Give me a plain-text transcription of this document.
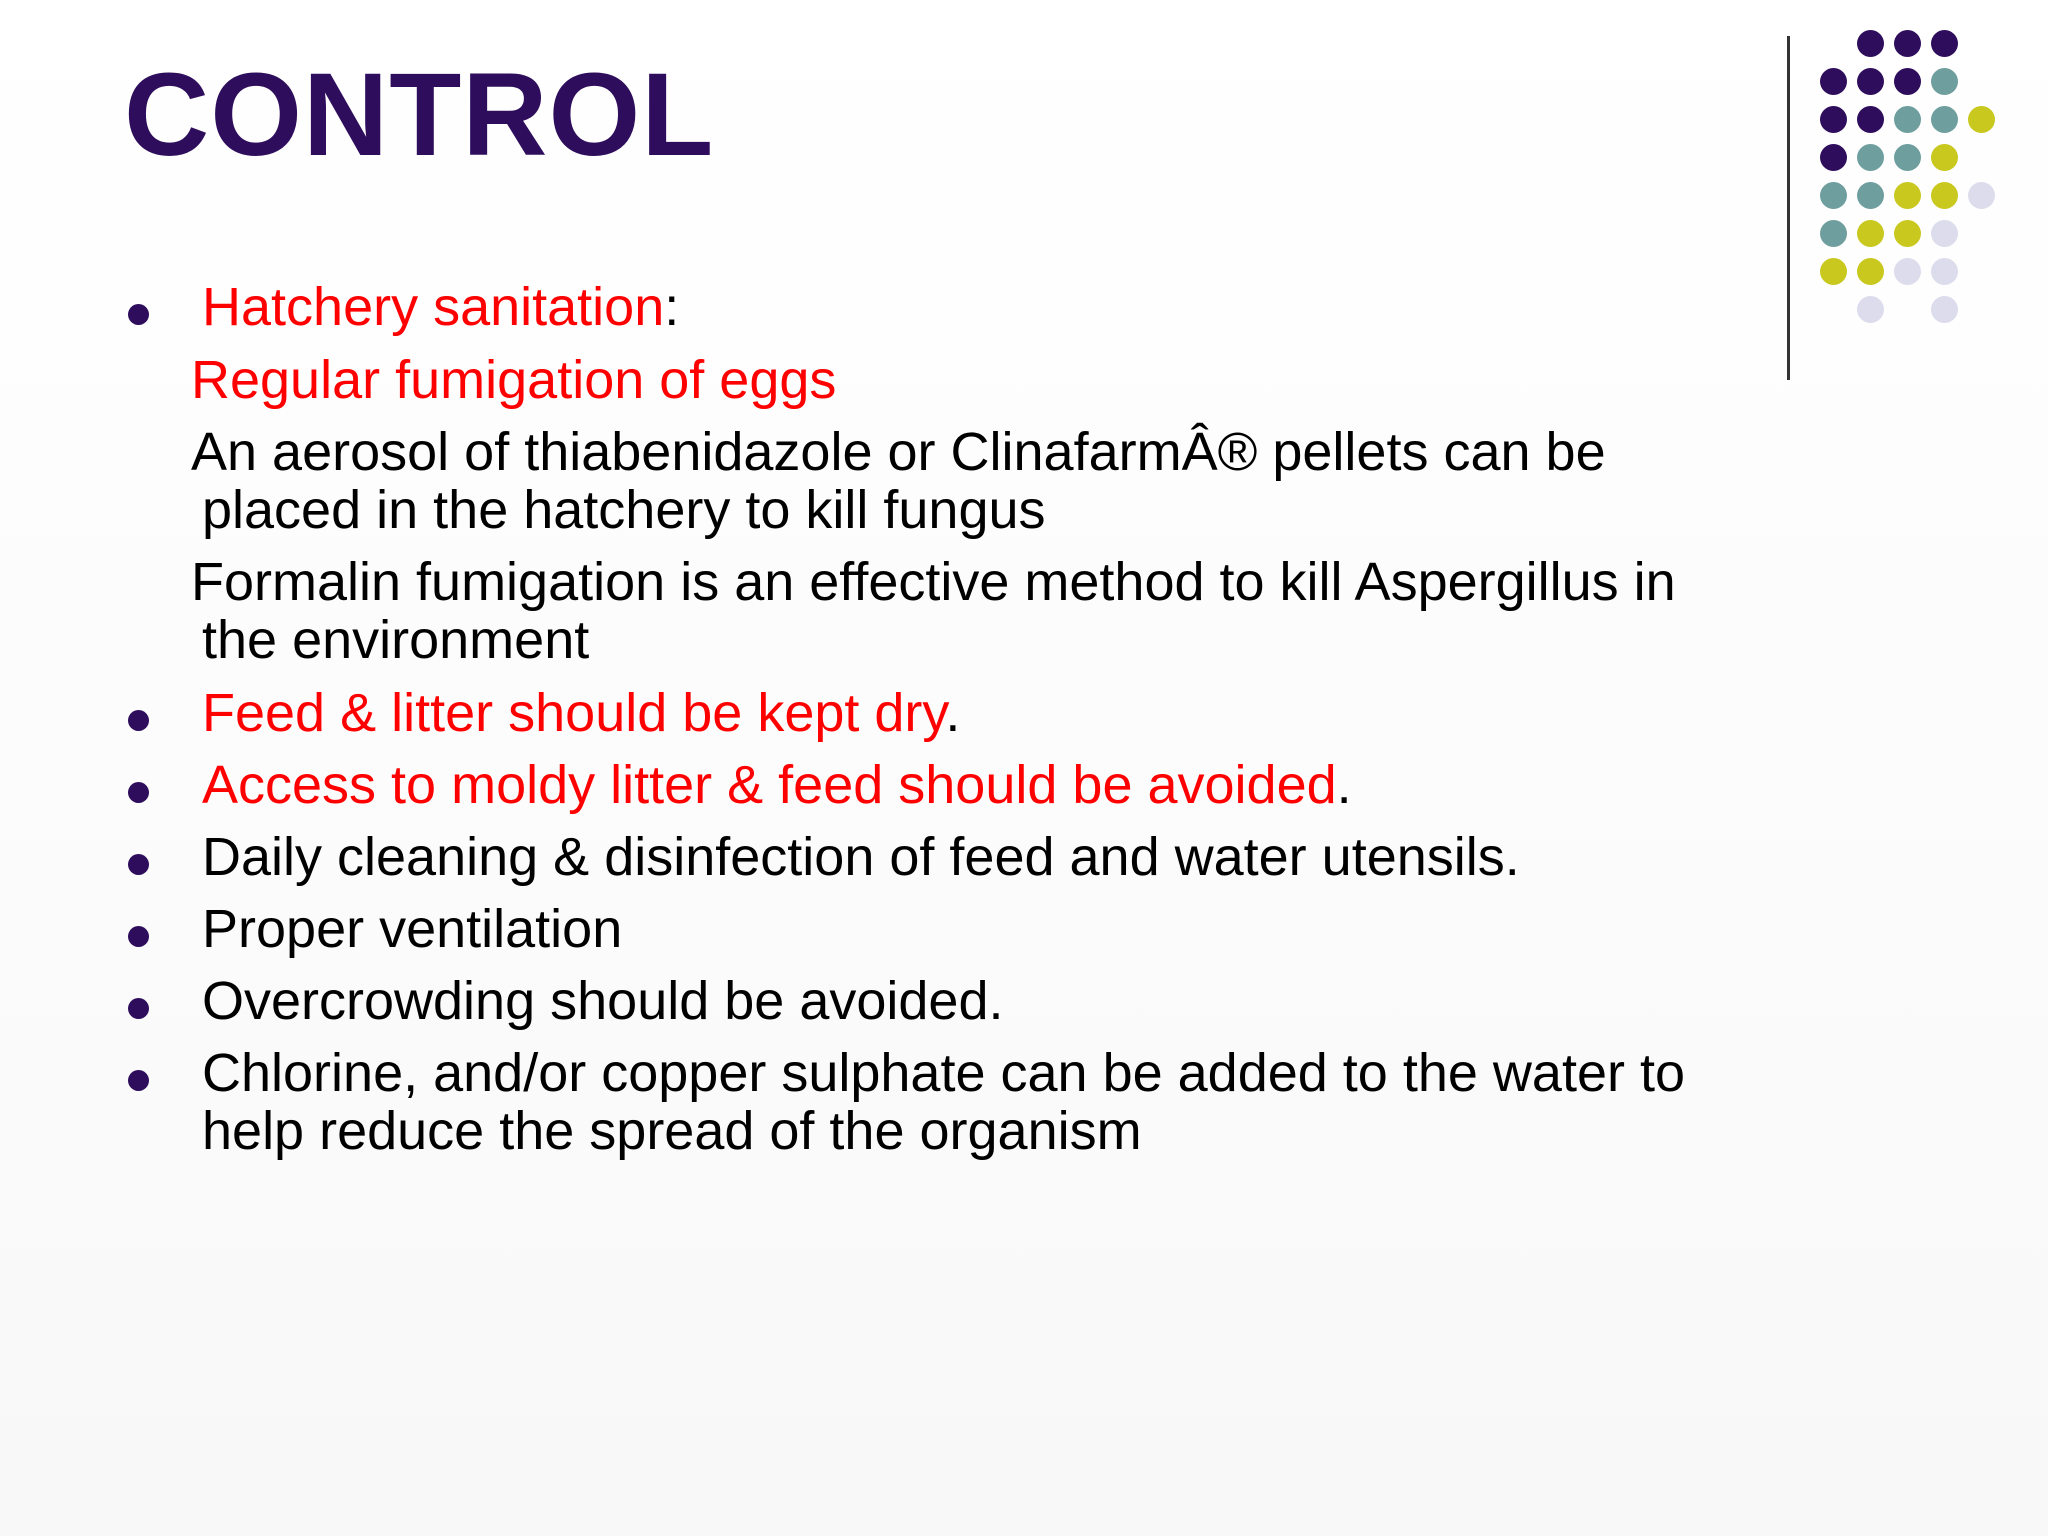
CONTROL
Hatchery sanitation:
Regular fumigation of eggs
An aerosol of thiabenidazole or ClinafarmÂ® pellets can be
placed in the hatchery to kill fungus
Formalin fumigation is an effective method to kill Aspergillus in
the environment
Feed & litter should be kept dry.
Access to moldy litter & feed should be avoided.
Daily cleaning & disinfection of feed and water utensils.
Proper ventilation
Overcrowding should be avoided.
Chlorine, and/or copper sulphate can be added to the water to
help reduce the spread of the organism
